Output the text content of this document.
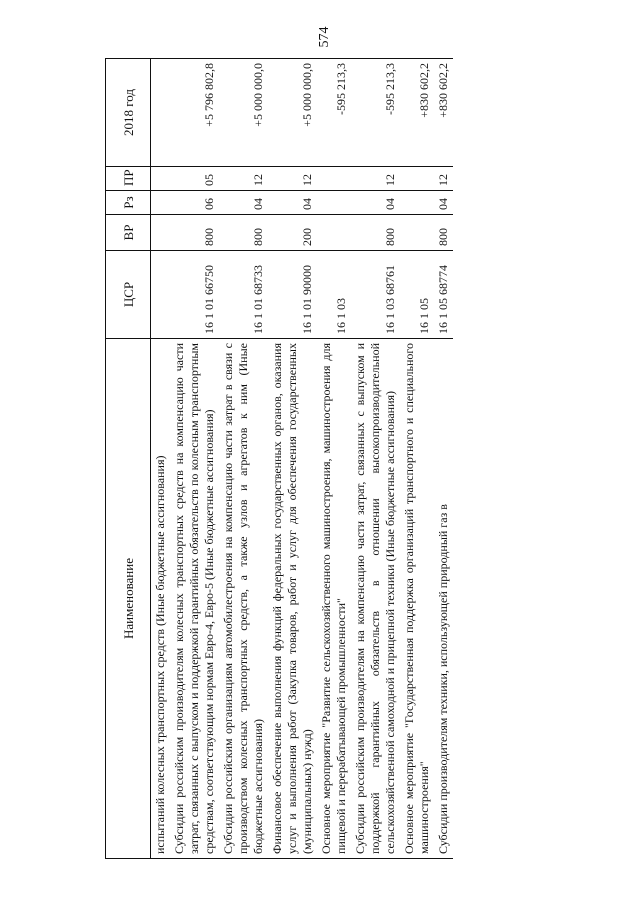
574
Наименование	ЦСР	ВР	Рз	ПР	2018 год
испытаний колесных транспортных средств (Иные бюджетные ассигнования)					
Субсидии российским производителям колесных транспортных средств на компенсацию части затрат, связанных с выпуском и поддержкой гарантийных обязательств по колесным транспортным средствам, соответствующим нормам Евро-4, Евро-5 (Иные бюджетные ассигнования)	16 1 01 66750	800	06	05	+5 796 802,8
Субсидии российским организациям автомобилестроения на компенсацию части затрат в связи с производством колесных транспортных средств, а также узлов и агрегатов к ним (Иные бюджетные ассигнования)	16 1 01 68733	800	04	12	+5 000 000,0
Финансовое обеспечение выполнения функций федеральных государственных органов, оказания услуг и выполнения работ (Закупка товаров, работ и услуг для обеспечения государственных (муниципальных) нужд)	16 1 01 90000	200	04	12	+5 000 000,0
Основное мероприятие "Развитие сельскохозяйственного машиностроения, машиностроения для пищевой и перерабатывающей промышленности"	16 1 03				-595 213,3
Субсидии российским производителям на компенсацию части затрат, связанных с выпуском и поддержкой гарантийных обязательств в отношении высокопроизводительной сельскохозяйственной самоходной и прицепной техники (Иные бюджетные ассигнования)	16 1 03 68761	800	04	12	-595 213,3
Основное мероприятие "Государственная поддержка организаций транспортного и специального машиностроения"	16 1 05				+830 602,2
Субсидии производителям техники, использующей природный газ в	16 1 05 68774	800	04	12	+830 602,2
